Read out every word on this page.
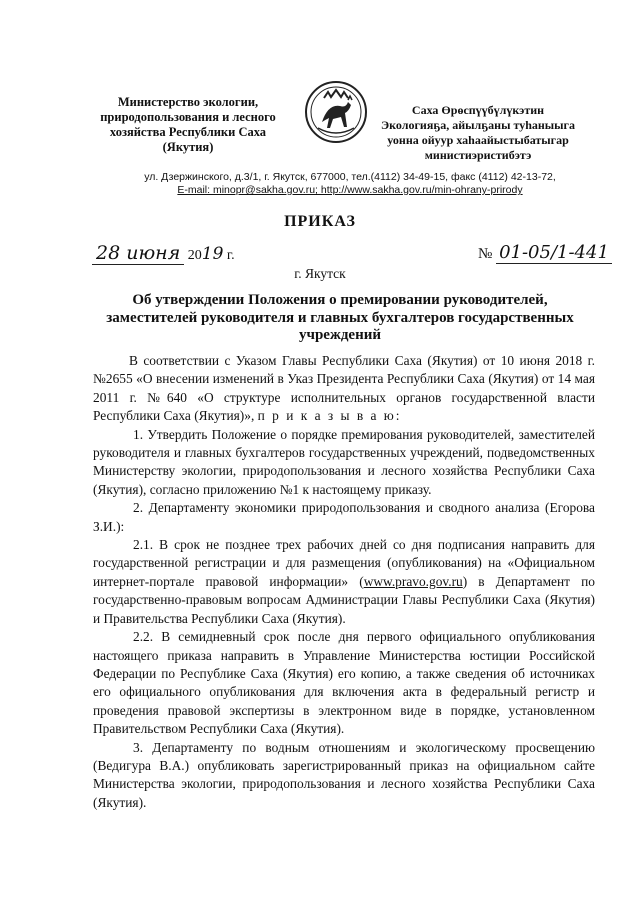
Министерство экологии,
природопользования и лесного
хозяйства Республики Саха
(Якутия)
Саха Өрөспүүбүлүкэтин
Экологияҕа, айылҕаны туһаныыга
уонна ойуур хаһаайыстыбатыгар
министиэристибэтэ
ул. Дзержинского, д.3/1, г. Якутск, 677000, тел.(4112) 34-49-15, факс (4112) 42-13-72,
E-mail: minopr@sakha.gov.ru; http://www.sakha.gov.ru/min-ohrany-prirody
ПРИКАЗ
28 июня 2019 г.	№ 01-05/1-441
г. Якутск
Об утверждении Положения о премировании руководителей, заместителей руководителя и главных бухгалтеров государственных учреждений

В соответствии с Указом Главы Республики Саха (Якутия) от 10 июня 2018 г. №2655 «О внесении изменений в Указ Президента Республики Саха (Якутия) от 14 мая 2011 г. №640 «О структуре исполнительных органов государственной власти Республики Саха (Якутия)», п р и к а з ы в а ю:

1. Утвердить Положение о порядке премирования руководителей, заместителей руководителя и главных бухгалтеров государственных учреждений, подведомственных Министерству экологии, природопользования и лесного хозяйства Республики Саха (Якутия), согласно приложению №1 к настоящему приказу.

2. Департаменту экономики природопользования и сводного анализа (Егорова З.И.):

2.1. В срок не позднее трех рабочих дней со дня подписания направить для государственной регистрации и для размещения (опубликования) на «Официальном интернет-портале правовой информации» (www.pravo.gov.ru) в Департамент по государственно-правовым вопросам Администрации Главы Республики Саха (Якутия) и Правительства Республики Саха (Якутия).

2.2. В семидневный срок после дня первого официального опубликования настоящего приказа направить в Управление Министерства юстиции Российской Федерации по Республике Саха (Якутия) его копию, а также сведения об источниках его официального опубликования для включения акта в федеральный регистр и проведения правовой экспертизы в электронном виде в порядке, установленном Правительством Республики Саха (Якутия).

3. Департаменту по водным отношениям и экологическому просвещению (Ведигура В.А.) опубликовать зарегистрированный приказ на официальном сайте Министерства экологии, природопользования и лесного хозяйства Республики Саха (Якутия).
